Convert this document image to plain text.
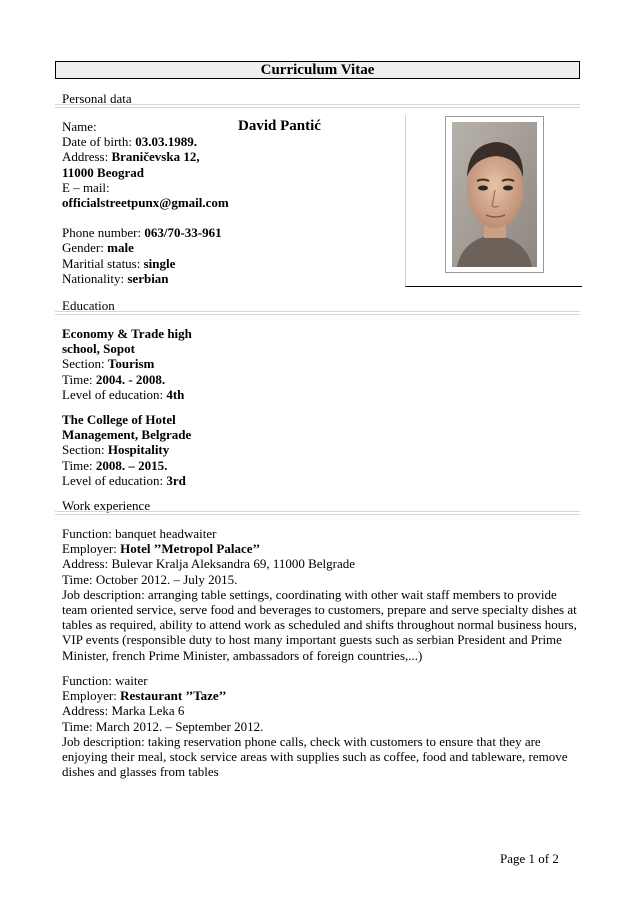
Curriculum Vitae
Personal data
Name:
Date of birth: 03.03.1989.
Address: Braničevska 12,
11000 Beograd
E – mail:
officialstreetpunx@gmail.com
Phone number: 063/70-33-961
Gender: male
Maritial status: single
Nationality: serbian
David Pantić
Education
Economy & Trade high
school, Sopot
Section: Tourism
Time: 2004. - 2008.
Level of education: 4th
The College of Hotel
Management, Belgrade
Section: Hospitality
Time: 2008. – 2015.
Level of education: 3rd
Work experience
Function: banquet headwaiter
Employer: Hotel ’’Metropol Palace’’
Address: Bulevar Kralja Aleksandra 69, 11000 Belgrade
Time: October 2012. – July 2015.
Job description: arranging table settings, coordinating with other wait staff members to provide team oriented service, serve food and beverages to customers, prepare and serve specialty dishes at tables as required, ability to attend work as scheduled and shifts throughout normal business hours, VIP events (responsible duty to host many important guests such as serbian President and Prime Minister, french Prime Minister, ambassadors of foreign countries,...)
Function: waiter
Employer: Restaurant ’’Taze’’
Address: Marka Leka 6
Time: March 2012. – September 2012.
Job description: taking reservation phone calls, check with customers to ensure that they are enjoying their meal, stock service areas with supplies such as coffee, food and tableware, remove dishes and glasses from tables
Page 1 of 2
